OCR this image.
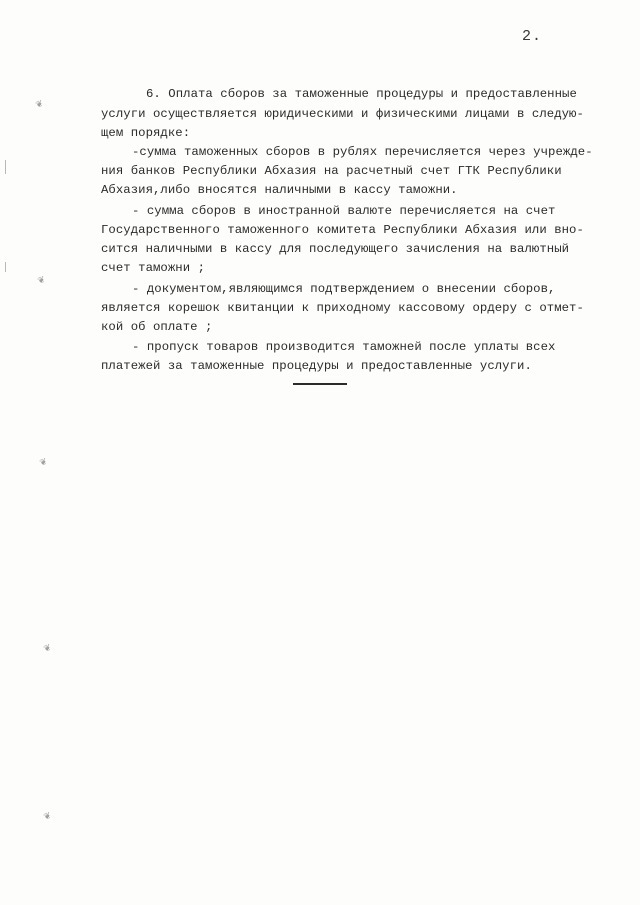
2.
6. Оплата сборов за таможенные процедуры и предоставленные
услуги осуществляется юридическими и физическими лицами в следую-
щем порядке:
-сумма таможенных сборов в рублях перечисляется через учрежде-
ния банков Республики Абхазия на расчетный счет ГТК Республики
Абхазия,либо вносятся наличными в кассу таможни.
- сумма сборов в иностранной валюте перечисляется на счет
Государственного таможенного комитета Республики Абхазия или вно-
сится наличными в кассу для последующего зачисления на валютный
счет таможни ;
- документом,являющимся подтверждением о внесении сборов,
является корешок квитанции к приходному кассовому ордеру с отмет-
кой об оплате ;
- пропуск товаров производится таможней после уплаты всех
платежей за таможенные процедуры и предоставленные услуги.
❦
❦
❦
❦
❦
